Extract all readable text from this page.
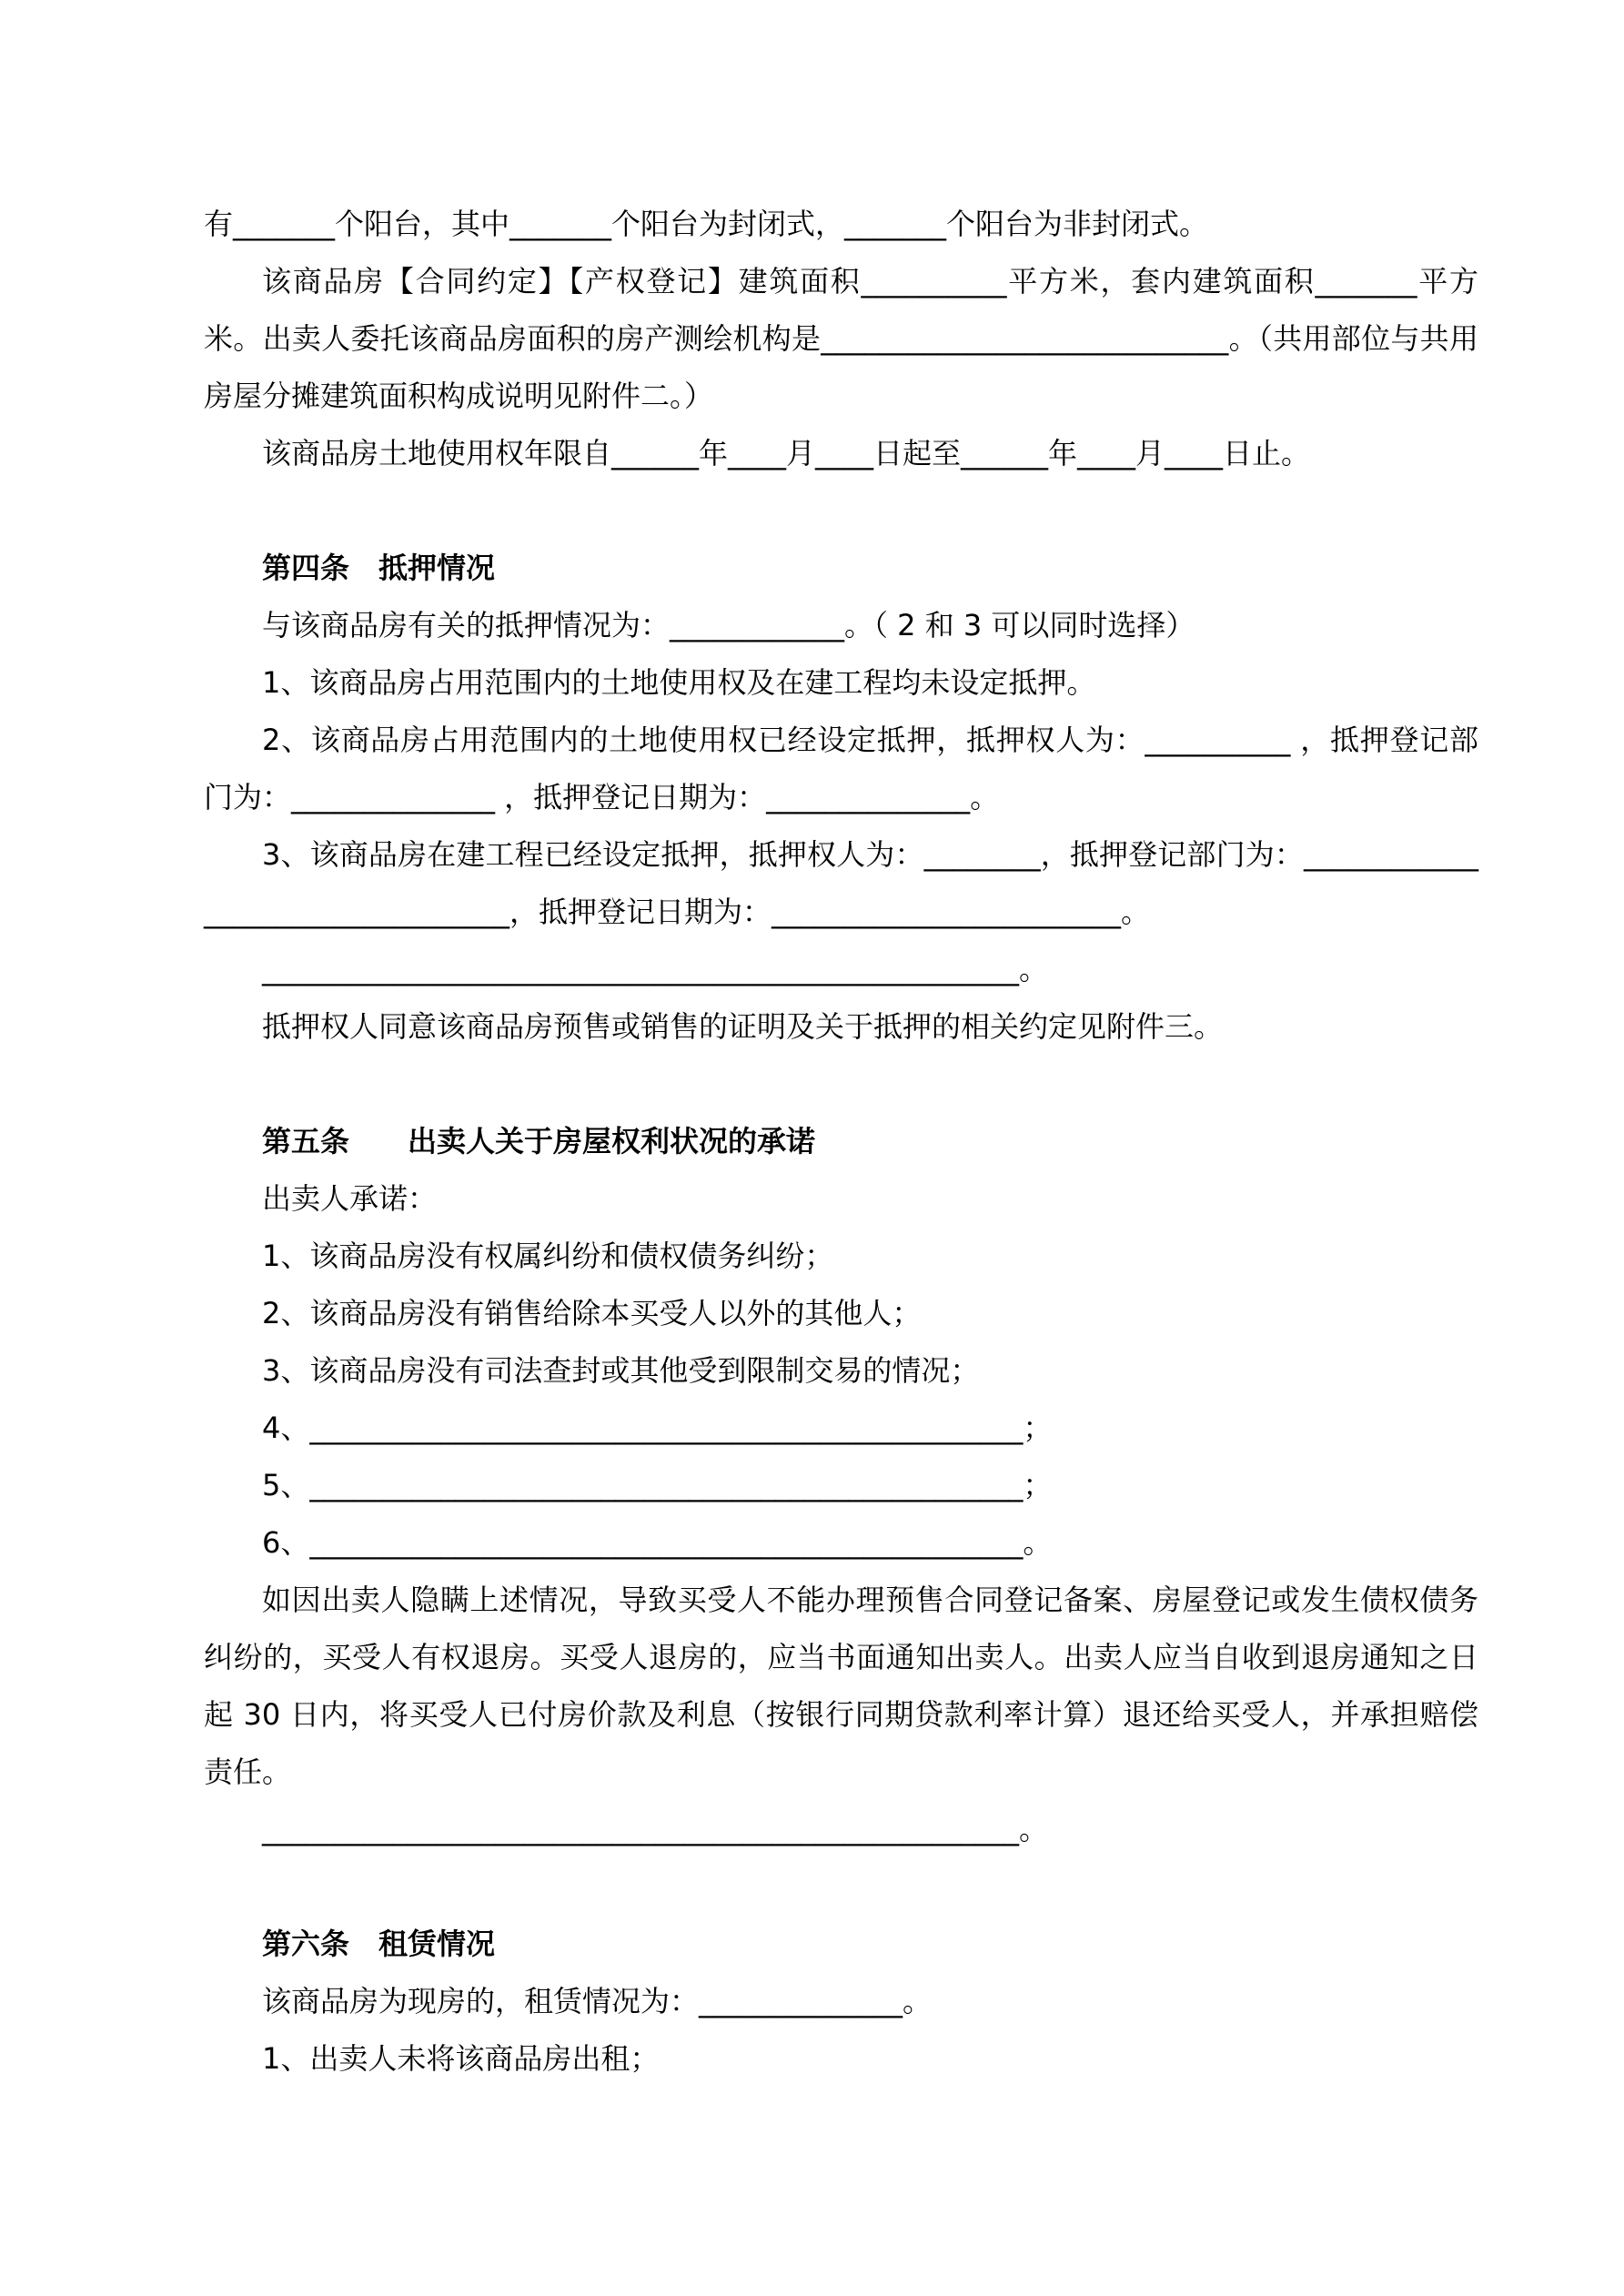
有_______个阳台，其中_______个阳台为封闭式，_______个阳台为非封闭式。

该商品房【合同约定】【产权登记】建筑面积__________平方米，套内建筑面积_______平方米。出卖人委托该商品房面积的房产测绘机构是____________________________。（共用部位与共用房屋分摊建筑面积构成说明见附件二。）

该商品房土地使用权年限自______年____月____日起至______年____月____日止。

第四条　抵押情况

与该商品房有关的抵押情况为：____________。（ 2 和 3 可以同时选择）

1、该商品房占用范围内的土地使用权及在建工程均未设定抵押。

2、该商品房占用范围内的土地使用权已经设定抵押，抵押权人为：__________ ，抵押登记部门为：______________ ，抵押登记日期为：______________。

3、该商品房在建工程已经设定抵押，抵押权人为：________，抵押登记部门为：_________________________________，抵押登记日期为：________________________。

____________________________________________________。

抵押权人同意该商品房预售或销售的证明及关于抵押的相关约定见附件三。

第五条　　出卖人关于房屋权利状况的承诺

出卖人承诺：

1、该商品房没有权属纠纷和债权债务纠纷；

2、该商品房没有销售给除本买受人以外的其他人；

3、该商品房没有司法查封或其他受到限制交易的情况；

4、_________________________________________________；

5、_________________________________________________；

6、_________________________________________________。

如因出卖人隐瞒上述情况，导致买受人不能办理预售合同登记备案、房屋登记或发生债权债务纠纷的，买受人有权退房。买受人退房的，应当书面通知出卖人。出卖人应当自收到退房通知之日起 30 日内，将买受人已付房价款及利息（按银行同期贷款利率计算）退还给买受人，并承担赔偿责任。

____________________________________________________。

第六条　租赁情况

该商品房为现房的，租赁情况为：______________。

1、出卖人未将该商品房出租；
